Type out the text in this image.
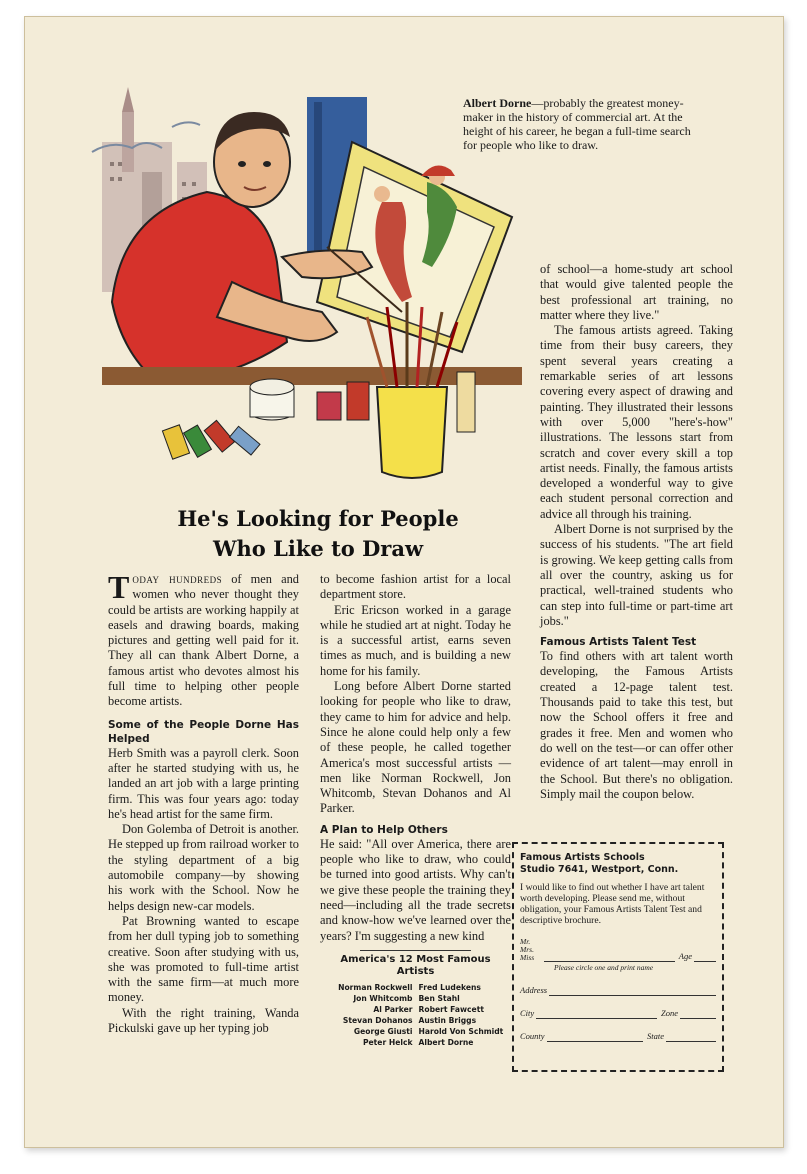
Albert Dorne—probably the greatest money-maker in the history of commercial art. At the height of his career, he began a full-time search for people who like to draw.
He's Looking for People
Who Like to Draw

Today hundreds of men and women who never thought they could be artists are working happily at easels and drawing boards, making pictures and getting well paid for it. They all can thank Albert Dorne, a famous artist who devotes almost his full time to helping other people become artists.

Some of the People Dorne Has Helped

Herb Smith was a payroll clerk. Soon after he started studying with us, he landed an art job with a large printing firm. This was four years ago: today he's head artist for the same firm.

Don Golemba of Detroit is another. He stepped up from railroad worker to the styling department of a big automobile company—by showing his work with the School. Now he helps design new-car models.

Pat Browning wanted to escape from her dull typing job to something creative. Soon after studying with us, she was promoted to full-time artist with the same firm—at much more money.

With the right training, Wanda Pickulski gave up her typing job

to become fashion artist for a local department store.

Eric Ericson worked in a garage while he studied art at night. Today he is a successful artist, earns seven times as much, and is building a new home for his family.

Long before Albert Dorne started looking for people who like to draw, they came to him for advice and help. Since he alone could help only a few of these people, he called together America's most successful artists —men like Norman Rockwell, Jon Whitcomb, Stevan Dohanos and Al Parker.

A Plan to Help Others

He said: "All over America, there are people who like to draw, who could be turned into good artists. Why can't we give these people the training they need—including all the trade secrets and know-how we've learned over the years? I'm suggesting a new kind

America's 12 Most Famous Artists
Norman Rockwell
Jon Whitcomb
Al Parker
Stevan Dohanos
George Giusti
Peter Helck
Fred Ludekens
Ben Stahl
Robert Fawcett
Austin Briggs
Harold Von Schmidt
Albert Dorne

of school—a home-study art school that would give talented people the best professional art training, no matter where they live."

The famous artists agreed. Taking time from their busy careers, they spent several years creating a remarkable series of art lessons covering every aspect of drawing and painting. They illustrated their lessons with over 5,000 "here's-how" illustrations. The lessons start from scratch and cover every skill a top artist needs. Finally, the famous artists developed a wonderful way to give each student personal correction and advice all through his training.

Albert Dorne is not surprised by the success of his students. "The art field is growing. We keep getting calls from all over the country, asking us for practical, well-trained students who can step into full-time or part-time art jobs."

Famous Artists Talent Test

To find others with art talent worth developing, the Famous Artists created a 12-page talent test. Thousands paid to take this test, but now the School offers it free and grades it free. Men and women who do well on the test—or can offer other evidence of art talent—may enroll in the School. But there's no obligation. Simply mail the coupon below.

Famous Artists Schools
Studio 7641, Westport, Conn.
I would like to find out whether I have art talent worth developing. Please send me, without obligation, your Famous Artists Talent Test and descriptive brochure.
Mr. Mrs. Miss	Age
Please circle one and print name
Address
City	Zone
County	State
